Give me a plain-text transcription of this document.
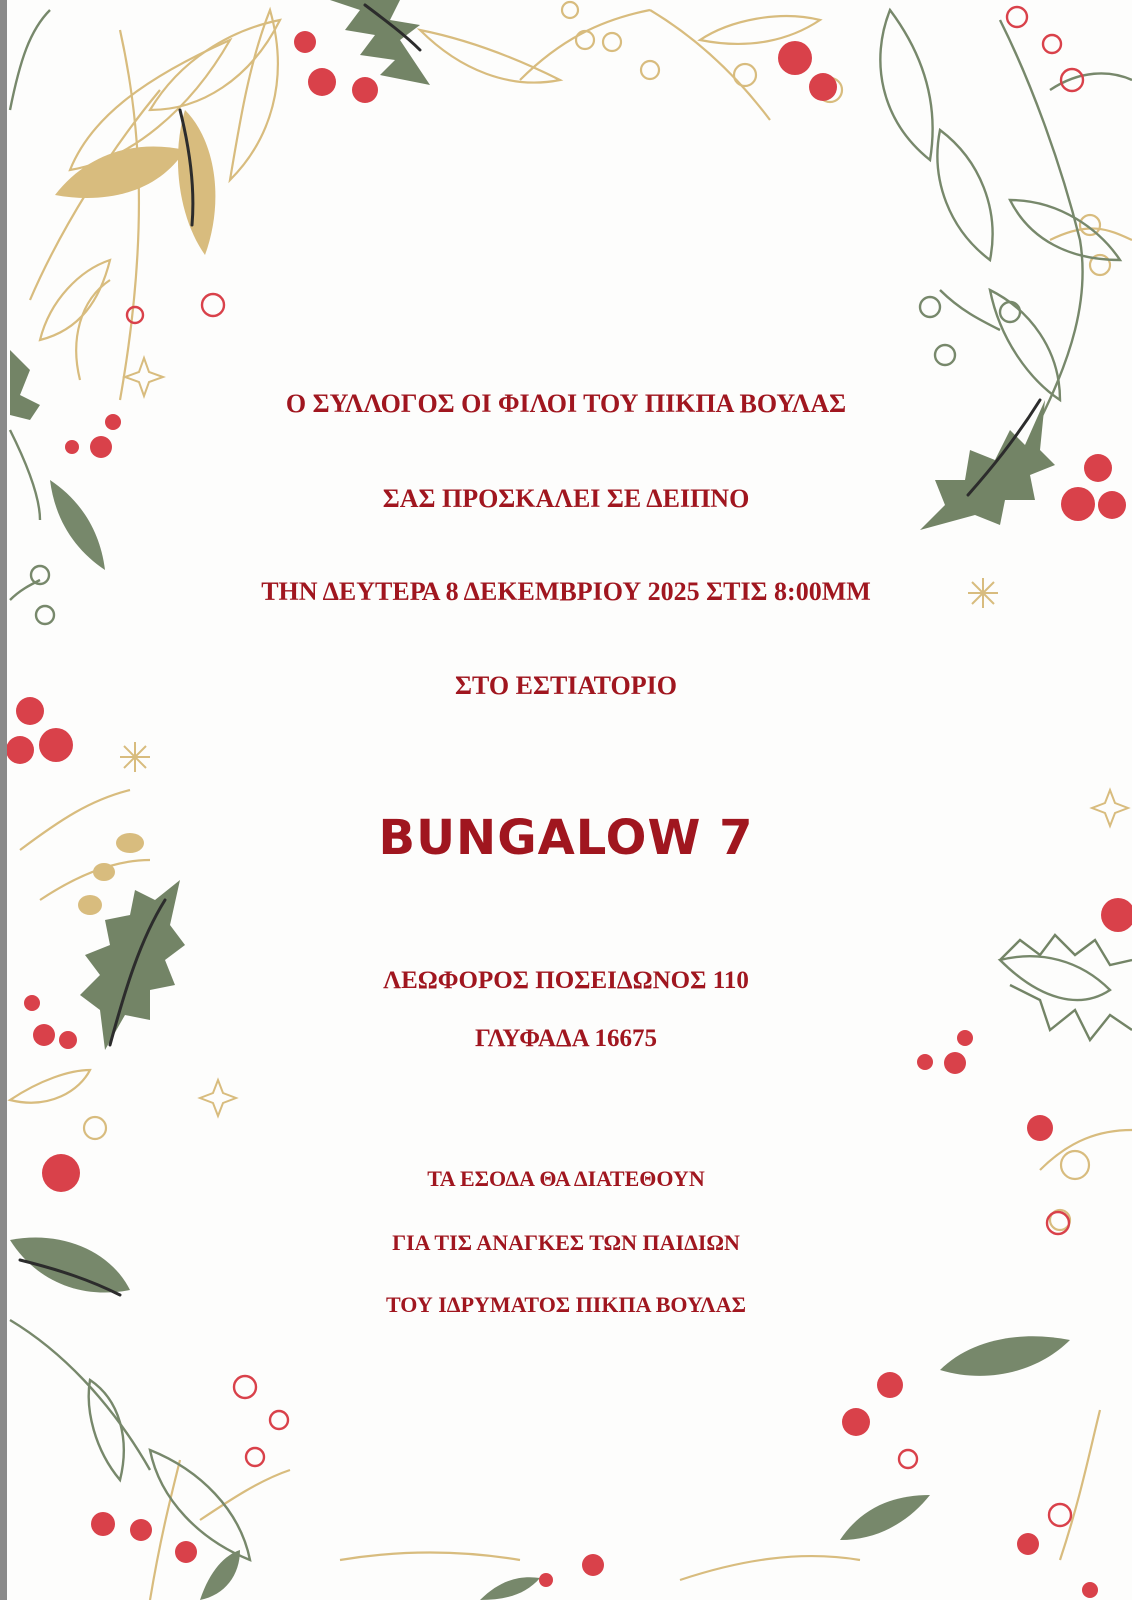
Ο ΣΥΛΛΟΓΟΣ ΟΙ ΦΙΛΟΙ ΤΟΥ ΠΙΚΠΑ ΒΟΥΛΑΣ
ΣΑΣ ΠΡΟΣΚΑΛΕΙ ΣΕ ΔΕΙΠΝΟ
ΤΗΝ ΔΕΥΤΕΡΑ 8 ΔΕΚΕΜΒΡΙΟΥ 2025 ΣΤΙΣ 8:00ΜΜ
ΣΤΟ ΕΣΤΙΑΤΟΡΙΟ
BUNGALOW 7
ΛΕΩΦΟΡΟΣ ΠΟΣΕΙΔΩΝΟΣ 110
ΓΛΥΦΑΔΑ 16675
ΤΑ ΕΣΟΔΑ ΘΑ ΔΙΑΤΕΘΟΥΝ
ΓΙΑ ΤΙΣ ΑΝΑΓΚΕΣ ΤΩΝ ΠΑΙΔΙΩΝ
ΤΟΥ ΙΔΡΥΜΑΤΟΣ ΠΙΚΠΑ ΒΟΥΛΑΣ
